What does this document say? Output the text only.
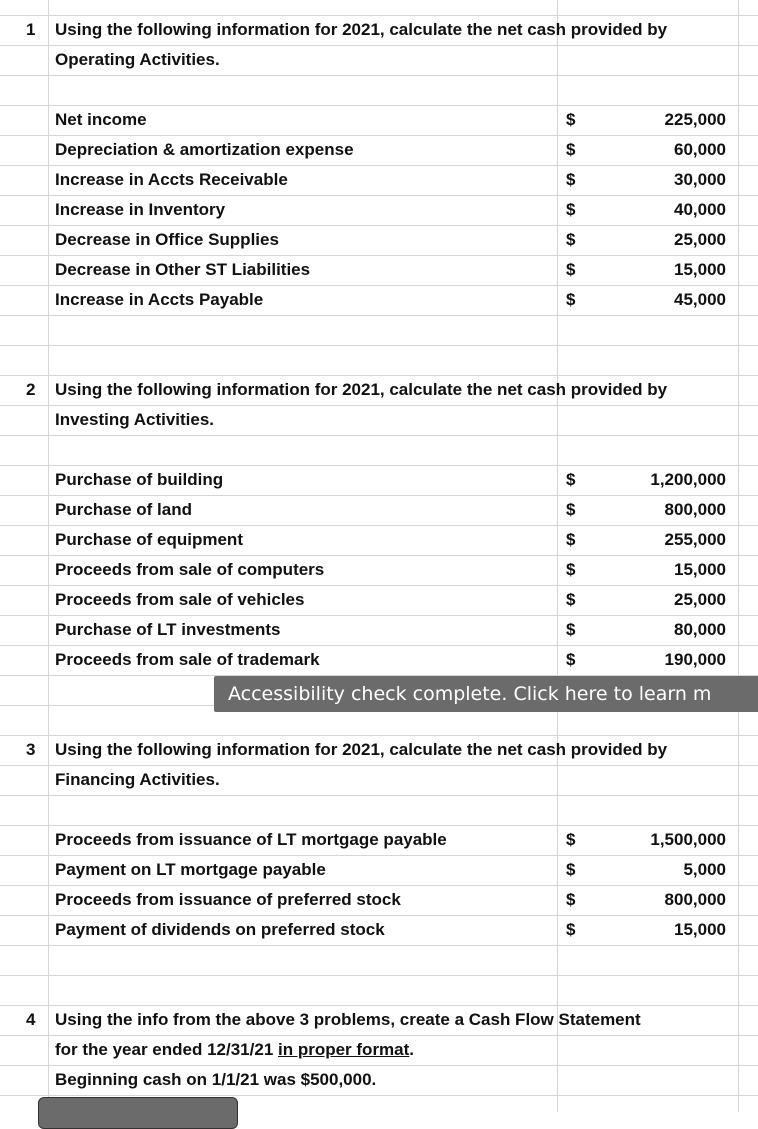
1	Using the following information for 2021, calculate the net cash provided by
Operating Activities.
Net income	$	225,000
Depreciation & amortization expense	$	60,000
Increase in Accts Receivable	$	30,000
Increase in Inventory	$	40,000
Decrease in Office Supplies	$	25,000
Decrease in Other ST Liabilities	$	15,000
Increase in Accts Payable	$	45,000
2	Using the following information for 2021, calculate the net cash provided by
Investing Activities.
Purchase of building	$	1,200,000
Purchase of land	$	800,000
Purchase of equipment	$	255,000
Proceeds from sale of computers	$	15,000
Proceeds from sale of vehicles	$	25,000
Purchase of LT investments	$	80,000
Proceeds from sale of trademark	$	190,000
3	Using the following information for 2021, calculate the net cash provided by
Financing Activities.
Proceeds from issuance of LT mortgage payable	$	1,500,000
Payment on LT mortgage payable	$	5,000
Proceeds from issuance of preferred stock	$	800,000
Payment of dividends on preferred stock	$	15,000
4	Using the info from the above 3 problems, create a Cash Flow Statement
for the year ended 12/31/21 in proper format.
Beginning cash on 1/1/21 was $500,000.
Accessibility check complete. Click here to learn m
